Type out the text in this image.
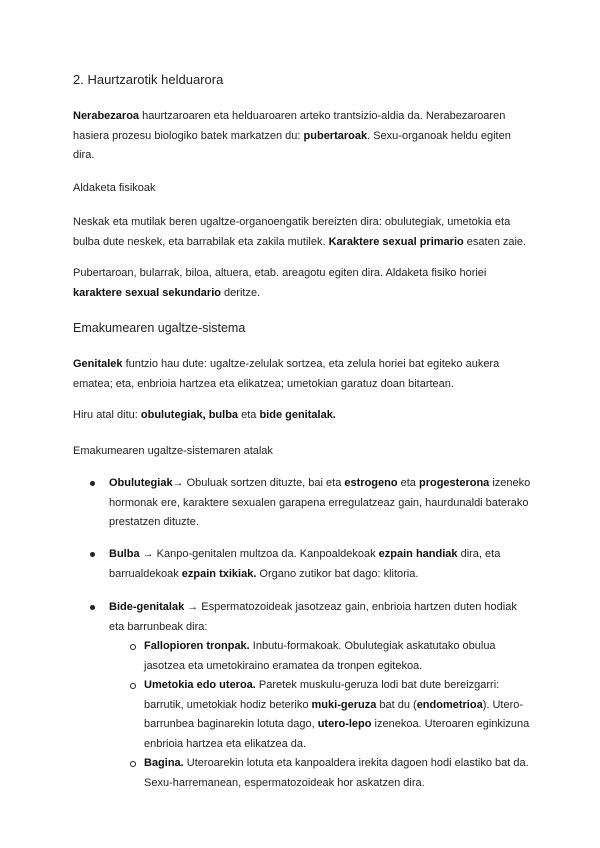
2. Haurtzarotik helduarora

Nerabezaroa haurtzaroaren eta helduaroaren arteko trantsizio-aldia da. Nerabezaroaren hasiera prozesu biologiko batek markatzen du: pubertaroak. Sexu-organoak heldu egiten dira.

Aldaketa fisikoak

Neskak eta mutilak beren ugaltze-organoengatik bereizten dira: obulutegiak, umetokia eta bulba dute neskek, eta barrabilak eta zakila mutilek. Karaktere sexual primario esaten zaie.

Pubertaroan, bularrak, biloa, altuera, etab. areagotu egiten dira. Aldaketa fisiko horiei karaktere sexual sekundario deritze.

Emakumearen ugaltze-sistema

Genitalek funtzio hau dute: ugaltze-zelulak sortzea, eta zelula horiei bat egiteko aukera ematea; eta, enbrioia hartzea eta elikatzea; umetokian garatuz doan bitartean.

Hiru atal ditu: obulutegiak, bulba eta bide genitalak.

Emakumearen ugaltze-sistemaren atalak
Obulutegiak→ Obuluak sortzen dituzte, bai eta estrogeno eta progesterona izeneko hormonak ere, karaktere sexualen garapena erregulatzeaz gain, haurdunaldi baterako prestatzen dituzte.
Bulba → Kanpo-genitalen multzoa da. Kanpoaldekoak ezpain handiak dira, eta barrualdekoak ezpain txikiak. Organo zutikor bat dago: klitoria.
Bide-genitalak → Espermatozoideak jasotzeaz gain, enbrioia hartzen duten hodiak eta barrunbeak dira:
Fallopioren tronpak. Inbutu-formakoak. Obulutegiak askatutako obulua jasotzea eta umetokiraino eramatea da tronpen egitekoa.
Umetokia edo uteroa. Paretek muskulu-geruza lodi bat dute bereizgarri: barrutik, umetokiak hodiz beteriko muki-geruza bat du (endometrioa). Utero-barrunbea baginarekin lotuta dago, utero-lepo izenekoa. Uteroaren eginkizuna enbrioia hartzea eta elikatzea da.
Bagina. Uteroarekin lotuta eta kanpoaldera irekita dagoen hodi elastiko bat da. Sexu-harremanean, espermatozoideak hor askatzen dira.
